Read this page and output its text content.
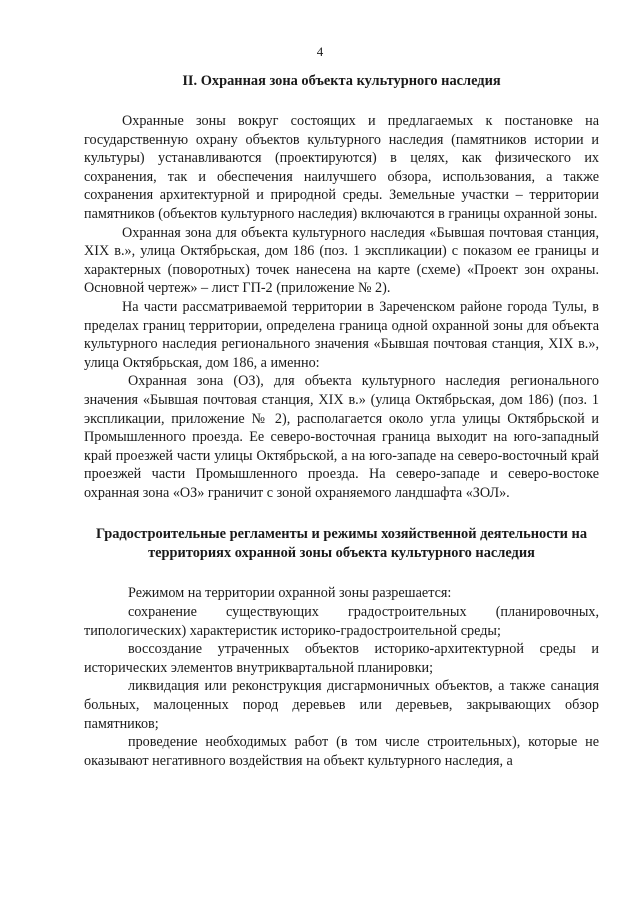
4
II. Охранная зона объекта культурного наследия

Охранные зоны вокруг состоящих и предлагаемых к постановке на государственную охрану объектов культурного наследия (памятников истории и культуры) устанавливаются (проектируются) в целях, как физического их сохранения, так и обеспечения наилучшего обзора, использования, а также сохранения архитектурной и природной среды. Земельные участки – территории памятников (объектов культурного наследия) включаются в границы охранной зоны.

Охранная зона для объекта культурного наследия «Бывшая почтовая станция, XIX в.», улица Октябрьская, дом 186 (поз. 1 экспликации) с показом ее границы и характерных (поворотных) точек нанесена на карте (схеме) «Проект зон охраны. Основной чертеж» – лист ГП-2 (приложение № 2).

На части рассматриваемой территории в Зареченском районе города Тулы, в пределах границ территории, определена граница одной охранной зоны для объекта культурного наследия регионального значения «Бывшая почтовая станция, XIX в.», улица Октябрьская, дом 186, а именно:

Охранная зона (ОЗ), для объекта культурного наследия регионального значения «Бывшая почтовая станция, XIX в.» (улица Октябрьская, дом 186) (поз. 1 экспликации, приложение № 2), располагается около угла улицы Октябрьской и Промышленного проезда. Ее северо-восточная граница выходит на юго-западный край проезжей части улицы Октябрьской, а на юго-западе на северо-восточный край проезжей части Промышленного проезда. На северо-западе и северо-востоке охранная зона «ОЗ» граничит с зоной охраняемого ландшафта «ЗОЛ».

Градостроительные регламенты и режимы хозяйственной деятельности на территориях охранной зоны объекта культурного наследия

Режимом на территории охранной зоны разрешается:

сохранение существующих градостроительных (планировочных, типологических) характеристик историко-градостроительной среды;

воссоздание утраченных объектов историко-архитектурной среды и исторических элементов внутриквартальной планировки;

ликвидация или реконструкция дисгармоничных объектов, а также санация больных, малоценных пород деревьев или деревьев, закрывающих обзор памятников;

проведение необходимых работ (в том числе строительных), которые не оказывают негативного воздействия на объект культурного наследия, а
